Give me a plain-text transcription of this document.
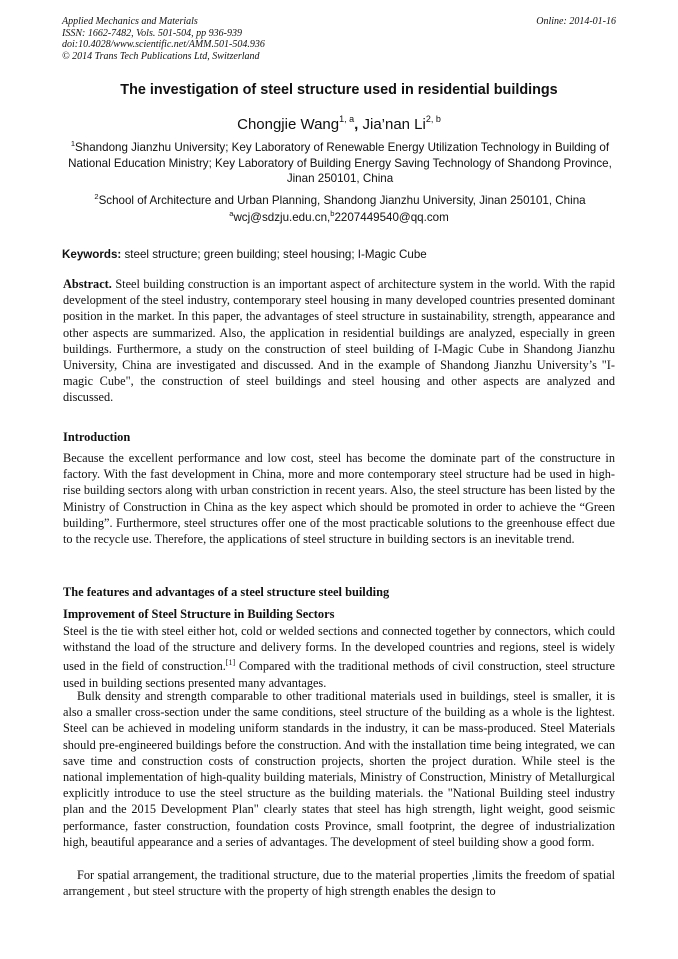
Applied Mechanics and Materials
ISSN: 1662-7482, Vols. 501-504, pp 936-939
doi:10.4028/www.scientific.net/AMM.501-504.936
© 2014 Trans Tech Publications Ltd, Switzerland
Online: 2014-01-16
The investigation of steel structure used in residential buildings
Chongjie Wang$^{1, a}$, Jia’nan Li$^{2, b}$
$^1$Shandong Jianzhu University; Key Laboratory of Renewable Energy Utilization Technology in Building of National Education Ministry; Key Laboratory of Building Energy Saving Technology of Shandong Province, Jinan 250101, China
$^2$School of Architecture and Urban Planning, Shandong Jianzhu University, Jinan 250101, China
$^a$wcj@sdzju.edu.cn,$^b$2207449540@qq.com
Keywords: steel structure; green building; steel housing; I-Magic Cube

Abstract. Steel building construction is an important aspect of architecture system in the world. With the rapid development of the steel industry, contemporary steel housing in many developed countries presented dominant position in the market. In this paper, the advantages of steel structure in sustainability, strength, appearance and other aspects are summarized. Also, the application in residential buildings are analyzed, especially in green buildings. Furthermore, a study on the construction of steel building of I-Magic Cube in Shandong Jianzhu University, China are investigated and discussed. And in the example of Shandong Jianzhu University’s "I-magic Cube", the construction of steel buildings and steel housing and other aspects are analyzed and discussed.

Introduction

Because the excellent performance and low cost, steel has become the dominate part of the constructure in factory. With the fast development in China, more and more contemporary steel structure had be used in high-rise building sectors along with urban constriction in recent years. Also, the steel structure has been listed by the Ministry of Construction in China as the key aspect which should be promoted in order to achieve the “Green building”. Furthermore, steel structures offer one of the most practicable solutions to the greenhouse effect due to the recycle use. Therefore, the applications of steel structure in building sectors is an inevitable trend.

The features and advantages of a steel structure steel building
Improvement of Steel Structure in Building Sectors

Steel is the tie with steel either hot, cold or welded sections and connected together by connectors, which could withstand the load of the structure and delivery forms. In the developed countries and regions, steel is widely used in the field of construction.[1] Compared with the traditional methods of civil construction, steel structure used in building sections presented many advantages.

Bulk density and strength comparable to other traditional materials used in buildings, steel is smaller, it is also a smaller cross-section under the same conditions, steel structure of the building as a whole is the lightest. Steel can be achieved in modeling uniform standards in the industry, it can be mass-produced. Steel Materials should pre-engineered buildings before the construction. And with the installation time being integrated, we can save time and construction costs of construction projects, shorten the project duration. While steel is the national implementation of high-quality building materials, Ministry of Construction, Ministry of Metallurgical explicitly introduce to use the steel structure as the building materials. the "National Building steel industry plan and the 2015 Development Plan" clearly states that steel has high strength, light weight, good seismic performance, faster construction, foundation costs Province, small footprint, the degree of industrialization high, beautiful appearance and a series of advantages. The development of steel building show a good form.

For spatial arrangement, the traditional structure, due to the material properties ,limits the freedom of spatial arrangement , but steel structure with the property of high strength enables the design to
